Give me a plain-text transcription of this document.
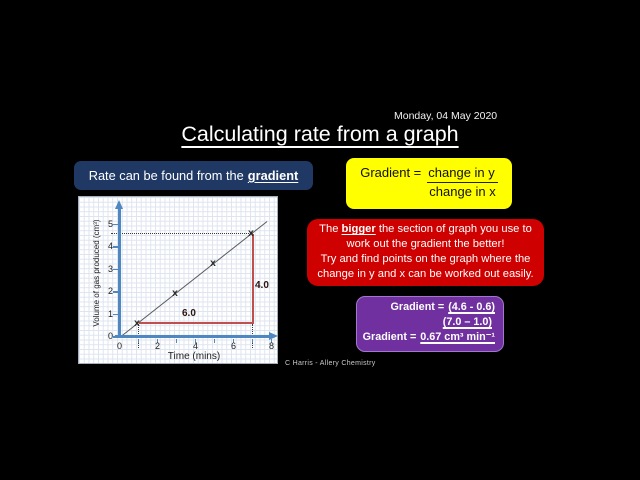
Monday, 04 May 2020
Calculating rate from a graph
Rate can be found from the gradient
Volume of gas produced (cm³)
0
1
2
3
4
5
0	2	4	6	8
x
x
x
x
6.0
4.0
Time (mins)
Gradient = $\frac{\text{change in y}}{\text{change in x}}$
The bigger the section of graph you use to
work out the gradient the better!
Try and find points on the graph where the
change in y and x can be worked out easily.
Gradient = (4.6 - 0.6)
(7.0 – 1.0)
Gradient = 0.67 cm³ min⁻¹
C Harris - Allery Chemistry
